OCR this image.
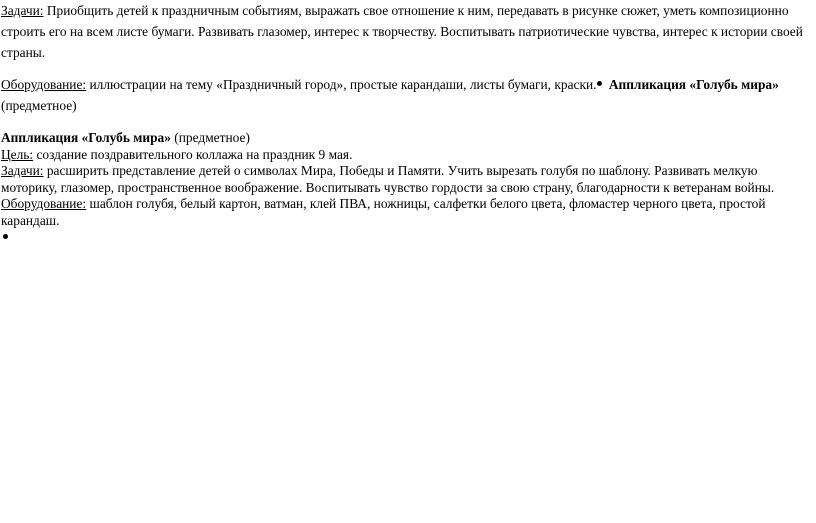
Задачи: Приобщить детей к праздничным событиям, выражать свое отношение к ним, передавать в рисунке сюжет, уметь композиционно строить его на всем листе бумаги. Развивать глазомер, интерес к творчеству. Воспитывать патриотические чувства, интерес к истории своей страны.

Оборудование: иллюстрации на тему «Праздничный город», простые карандаши, листы бумаги, краски. Аппликация «Голубь мира» (предметное)

Аппликация «Голубь мира» (предметное)

Цель: создание поздравительного коллажа на праздник 9 мая.

Задачи: расширить представление детей о символах Мира, Победы и Памяти. Учить вырезать голубя по шаблону. Развивать мелкую моторику, глазомер, пространственное воображение. Воспитывать чувство гордости за свою страну, благодарности к ветеранам войны.

Оборудование: шаблон голубя, белый картон, ватман, клей ПВА, ножницы, салфетки белого цвета, фломастер черного цвета, простой карандаш.
